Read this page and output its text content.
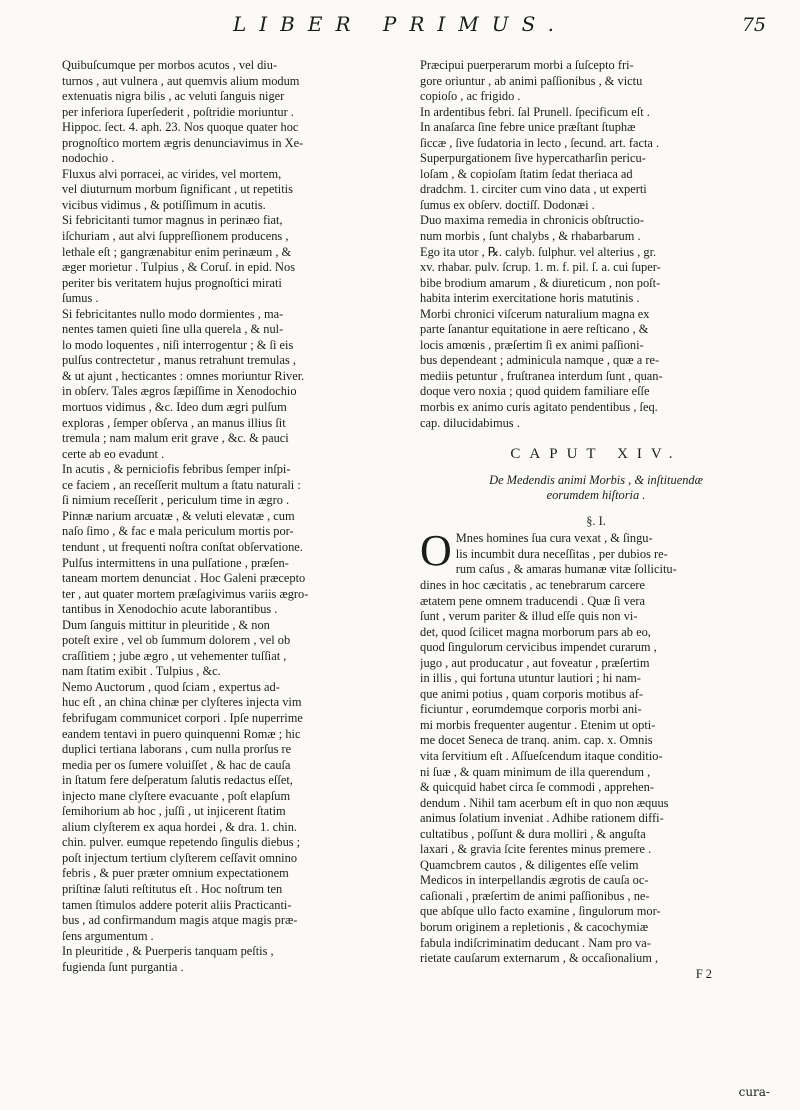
LIBER PRIMUS.	75
Quibuſcumque per morbos acutos , vel diu-
turnos , aut vulnera , aut quemvis alium modum
extenuatis nigra bilis , ac veluti ſanguis niger
per inferiora ſuperſederit , poſtridie moriuntur .
Hippoc. ſect. 4. aph. 23. Nos quoque quater hoc
prognoſtico mortem ægris denunciavimus in Xe-
nodochio .
Fluxus alvi porracei, ac virides, vel mortem,
vel diuturnum morbum ſignificant , ut repetitis
vicibus vidimus , & potiſſimum in acutis.
Si febricitanti tumor magnus in perinæo fiat,
iſchuriam , aut alvi ſuppreſſionem producens ,
lethale eſt ; gangrænabitur enim perinæum , &
æger morietur . Tulpius , & Coruſ. in epid. Nos
periter bis veritatem hujus prognoſtici mirati
ſumus .
Si febricitantes nullo modo dormientes , ma-
nentes tamen quieti ſine ulla querela , & nul-
lo modo loquentes , niſi interrogentur ; & ſi eis
pulſus contrectetur , manus retrahunt tremulas ,
& ut ajunt , hecticantes : omnes moriuntur River.
in obſerv. Tales ægros ſæpiſſime in Xenodochio
mortuos vidimus , &c. Ideo dum ægri pulſum
exploras , ſemper obſerva , an manus illius ſit
tremula ; nam malum erit grave , &c. & pauci
certe ab eo evadunt .
In acutis , & perniciofis febribus ſemper inſpi-
ce faciem , an receſſerit multum a ſtatu naturali :
ſi nimium receſſerit , periculum time in ægro .
Pinnæ narium arcuatæ , & veluti elevatæ , cum
naſo ſimo , & fac e mala periculum mortis por-
tendunt , ut frequenti noſtra conſtat obſervatione.
Pulſus intermittens in una pulſatione , præſen-
taneam mortem denunciat . Hoc Galeni præcepto
ter , aut quater mortem præſagivimus variis ægro-
tantibus in Xenodochio acute laborantibus .
Dum ſanguis mittitur in pleuritide , & non
poteſt exire , vel ob ſummum dolorem , vel ob
craſſitiem ; jube ægro , ut vehementer tuſſiat ,
nam ſtatim exibit . Tulpius , &c.
Nemo Auctorum , quod ſciam , expertus ad-
huc eſt , an china chinæ per clyſteres injecta vim
febrifugam communicet corpori . Ipſe nuperrime
eandem tentavi in puero quinquenni Romæ ; hic
duplici tertiana laborans , cum nulla prorſus re
media per os ſumere voluiſſet , & hac de cauſa
in ſtatum fere deſperatum ſalutis redactus eſſet,
injecto mane clyſtere evacuante , poſt elapſum
ſemihorium ab hoc , juſſi , ut injicerent ſtatim
alium clyſterem ex aqua hordei , & dra. 1. chin.
chin. pulver. eumque repetendo ſingulis diebus ;
poſt injectum tertium clyſterem ceſſavit omnino
febris , & puer præter omnium expectationem
priſtinæ ſaluti reſtitutus eſt . Hoc noſtrum ten
tamen ſtimulos addere poterit aliis Practicanti-
bus , ad confirmandum magis atque magis præ-
ſens argumentum .
In pleuritide , & Puerperis tanquam peſtis ,
fugienda ſunt purgantia .
Præcipui puerperarum morbi a ſuſcepto fri-
gore oriuntur , ab animi paſſionibus , & victu
copioſo , ac frigido .
In ardentibus febri. ſal Prunell. ſpecificum eſt .
In anaſarca ſine febre unice præſtant ſtuphæ
ſiccæ , ſive ſudatoria in lecto , ſecund. art. facta .
Superpurgationem ſive hypercatharſin pericu-
loſam , & copioſam ſtatim ſedat theriaca ad
dradchm. 1. circiter cum vino data , ut experti
ſumus ex obſerv. doctiſſ. Dodonæi .
Duo maxima remedia in chronicis obſtructio-
num morbis , ſunt chalybs , & rhabarbarum .
Ego ita utor , ℞. calyb. ſulphur. vel alterius , gr.
xv. rhabar. pulv. ſcrup. 1. m. f. pil. ſ. a. cui ſuper-
bibe brodium amarum , & diureticum , non poſt-
habita interim exercitatione horis matutinis .
Morbi chronici viſcerum naturalium magna ex
parte ſanantur equitatione in aere reſticano , &
locis amœnis , præſertim ſi ex animi paſſioni-
bus dependeant ; adminicula namque , quæ a re-
mediis petuntur , fruſtranea interdum ſunt , quan-
doque vero noxia ; quod quidem familiare eſſe
morbis ex animo curis agitato pendentibus , ſeq.
cap. dilucidabimus .
CAPUT XIV.
De Medendis animi Morbis , & inſtituendæ
eorumdem hiſtoria .
§. I.
O Mnes homines ſua cura vexat , & ſingu-
lis incumbit dura neceſſitas , per dubios re-
rum caſus , & amaras humanæ vitæ ſollicitu-
dines in hoc cæcitatis , ac tenebrarum carcere
ætatem pene omnem traducendi . Quæ ſi vera
ſunt , verum pariter & illud eſſe quis non vi-
det, quod ſcilicet magna morborum pars ab eo,
quod ſingulorum cervicibus impendet curarum ,
jugo , aut producatur , aut foveatur , præſertim
in illis , qui fortuna utuntur lautiori ; hi nam-
que animi potius , quam corporis motibus af-
ficiuntur , eorumdemque corporis morbi ani-
mi morbis frequenter augentur . Etenim ut opti-
me docet Seneca de tranq. anim. cap. x. Omnis
vita ſervitium eſt . Aſſueſcendum itaque conditio-
ni ſuæ , & quam minimum de illa querendum ,
& quicquid habet circa ſe commodi , apprehen-
dendum . Nihil tam acerbum eſt in quo non æquus
animus ſolatium inveniat . Adhibe rationem diffi-
cultatibus , poſſunt & dura molliri , & anguſta
laxari , & gravia ſcite ferentes minus premere .
Quamcbrem cautos , & diligentes eſſe velim
Medicos in interpellandis ægrotis de cauſa oc-
caſionali , præſertim de animi paſſionibus , ne-
que abſque ullo facto examine , ſingulorum mor-
borum originem a repletionis , & cacochymiæ
fabula indiſcriminatim deducant . Nam pro va-
rietate cauſarum externarum , & occaſionalium ,
F 2
cura-
